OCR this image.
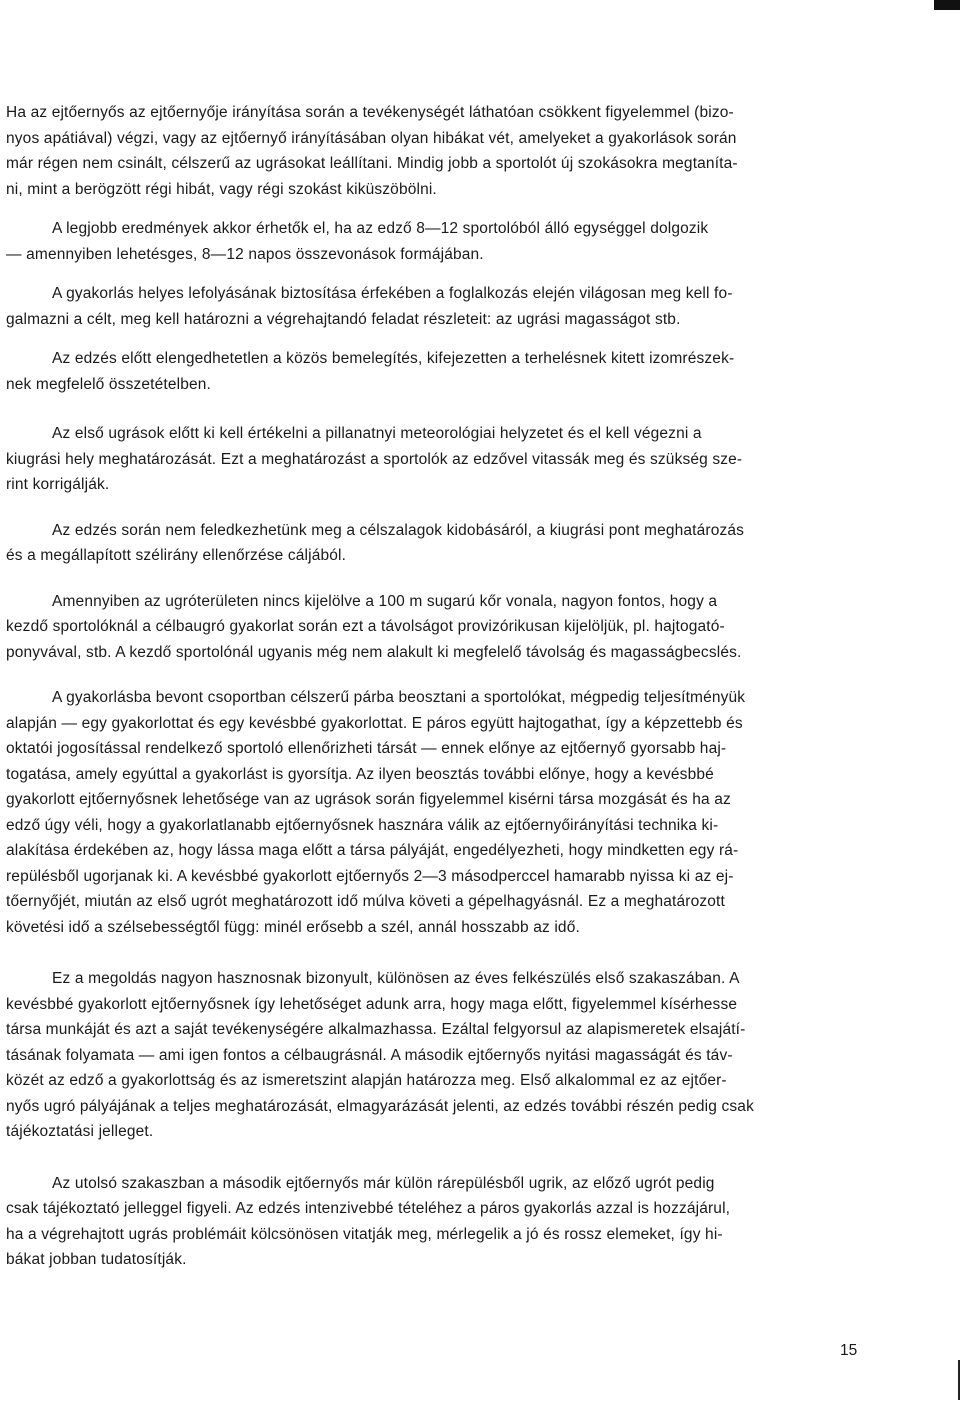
Ha az ejtőernyős az ejtőernyője irányítása során a tevékenységét láthatóan csökkent figyelemmel (bizo-
nyos apátiával) végzi, vagy az ejtőernyő irányításában olyan hibákat vét, amelyeket a gyakorlások során
már régen nem csinált, célszerű az ugrásokat leállítani. Mindig jobb a sportolót új szokásokra megtaníta-
ni, mint a berögzött régi hibát, vagy régi szokást kiküszöbölni.

A legjobb eredmények akkor érhetők el, ha az edző 8—12 sportolóból álló egységgel dolgozik
— amennyiben lehetésges, 8—12 napos összevonások formájában.

A gyakorlás helyes lefolyásának biztosítása érfekében a foglalkozás elején világosan meg kell fo-
galmazni a célt, meg kell határozni a végrehajtandó feladat részleteit: az ugrási magasságot stb.

Az edzés előtt elengedhetetlen a közös bemelegítés, kifejezetten a terhelésnek kitett izomrészek-
nek megfelelő összetételben.

Az első ugrások előtt ki kell értékelni a pillanatnyi meteorológiai helyzetet és el kell végezni a
kiugrási hely meghatározását. Ezt a meghatározást a sportolók az edzővel vitassák meg és szükség sze-
rint korrigálják.

Az edzés során nem feledkezhetünk meg a célszalagok kidobásáról, a kiugrási pont meghatározás
és a megállapított szélirány ellenőrzése cáljából.

Amennyiben az ugróterületen nincs kijelölve a 100 m sugarú kőr vonala, nagyon fontos, hogy a
kezdő sportolóknál a célbaugró gyakorlat során ezt a távolságot provizórikusan kijelöljük, pl. hajtogató-
ponyvával, stb. A kezdő sportolónál ugyanis még nem alakult ki megfelelő távolság és magasságbecslés.

A gyakorlásba bevont csoportban célszerű párba beosztani a sportolókat, mégpedig teljesítményük
alapján — egy gyakorlottat és egy kevésbbé gyakorlottat. E páros együtt hajtogathat, így a képzettebb és
oktatói jogosítással rendelkező sportoló ellenőrizheti társát — ennek előnye az ejtőernyő gyorsabb haj-
togatása, amely egyúttal a gyakorlást is gyorsítja. Az ilyen beosztás további előnye, hogy a kevésbbé
gyakorlott ejtőernyősnek lehetősége van az ugrások során figyelemmel kisérni társa mozgását és ha az
edző úgy véli, hogy a gyakorlatlanabb ejtőernyősnek hasznára válik az ejtőernyőirányítási technika ki-
alakítása érdekében az, hogy lássa maga előtt a társa pályáját, engedélyezheti, hogy mindketten egy rá-
repülésből ugorjanak ki. A kevésbbé gyakorlott ejtőernyős 2—3 másodperccel hamarabb nyissa ki az ej-
tőernyőjét, miután az első ugrót meghatározott idő múlva követi a gépelhagyásnál. Ez a meghatározott
követési idő a szélsebességtől függ: minél erősebb a szél, annál hosszabb az idő.

Ez a megoldás nagyon hasznosnak bizonyult, különösen az éves felkészülés első szakaszában. A
kevésbbé gyakorlott ejtőernyősnek így lehetőséget adunk arra, hogy maga előtt, figyelemmel kísérhesse
társa munkáját és azt a saját tevékenységére alkalmazhassa. Ezáltal felgyorsul az alapismeretek elsajátí-
tásának folyamata — ami igen fontos a célbaugrásnál. A második ejtőernyős nyitási magasságát és táv-
közét az edző a gyakorlottság és az ismeretszint alapján határozza meg. Első alkalommal ez az ejtőer-
nyős ugró pályájának a teljes meghatározását, elmagyarázását jelenti, az edzés további részén pedig csak
tájékoztatási jelleget.

Az utolsó szakaszban a második ejtőernyős már külön rárepülésből ugrik, az előző ugrót pedig
csak tájékoztató jelleggel figyeli. Az edzés intenzivebbé tételéhez a páros gyakorlás azzal is hozzájárul,
ha a végrehajtott ugrás problémáit kölcsönösen vitatják meg, mérlegelik a jó és rossz elemeket, így hi-
bákat jobban tudatosítják.

15
